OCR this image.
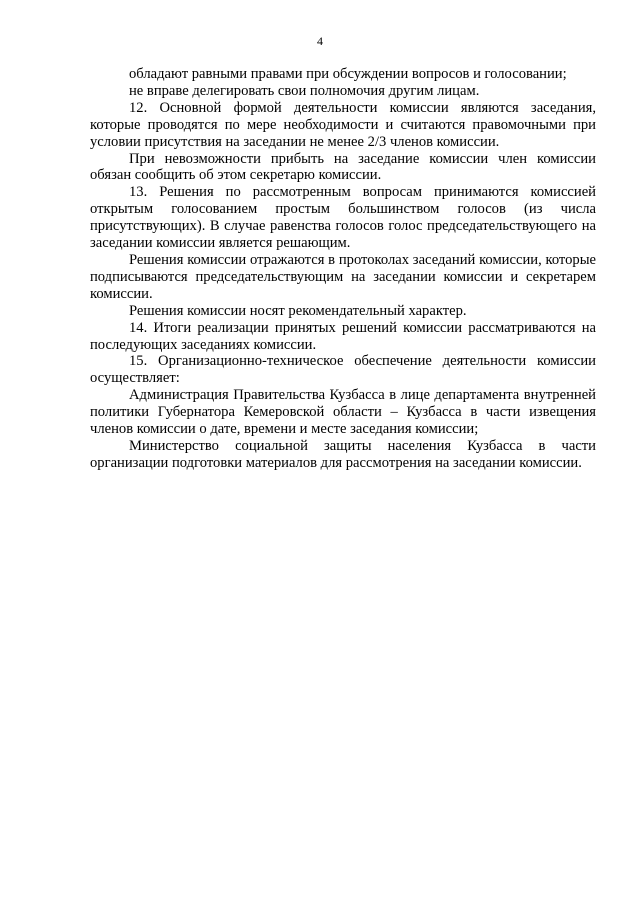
4

обладают равными правами при обсуждении вопросов и голосовании;

не вправе делегировать свои полномочия другим лицам.

12. Основной формой деятельности комиссии являются заседания, которые проводятся по мере необходимости и считаются правомочными при условии присутствия на заседании не менее 2/3 членов комиссии.

При невозможности прибыть на заседание комиссии член комиссии обязан сообщить об этом секретарю комиссии.

13. Решения по рассмотренным вопросам принимаются комиссией открытым голосованием простым большинством голосов (из числа присутствующих). В случае равенства голосов голос председательствующего на заседании комиссии является решающим.

Решения комиссии отражаются в протоколах заседаний комиссии, которые подписываются председательствующим на заседании комиссии и секретарем комиссии.

Решения комиссии носят рекомендательный характер.

14. Итоги реализации принятых решений комиссии рассматриваются на последующих заседаниях комиссии.

15. Организационно-техническое обеспечение деятельности комиссии осуществляет:

Администрация Правительства Кузбасса в лице департамента внутренней политики Губернатора Кемеровской области – Кузбасса в части извещения членов комиссии о дате, времени и месте заседания комиссии;

Министерство социальной защиты населения Кузбасса в части организации подготовки материалов для рассмотрения на заседании комиссии.
